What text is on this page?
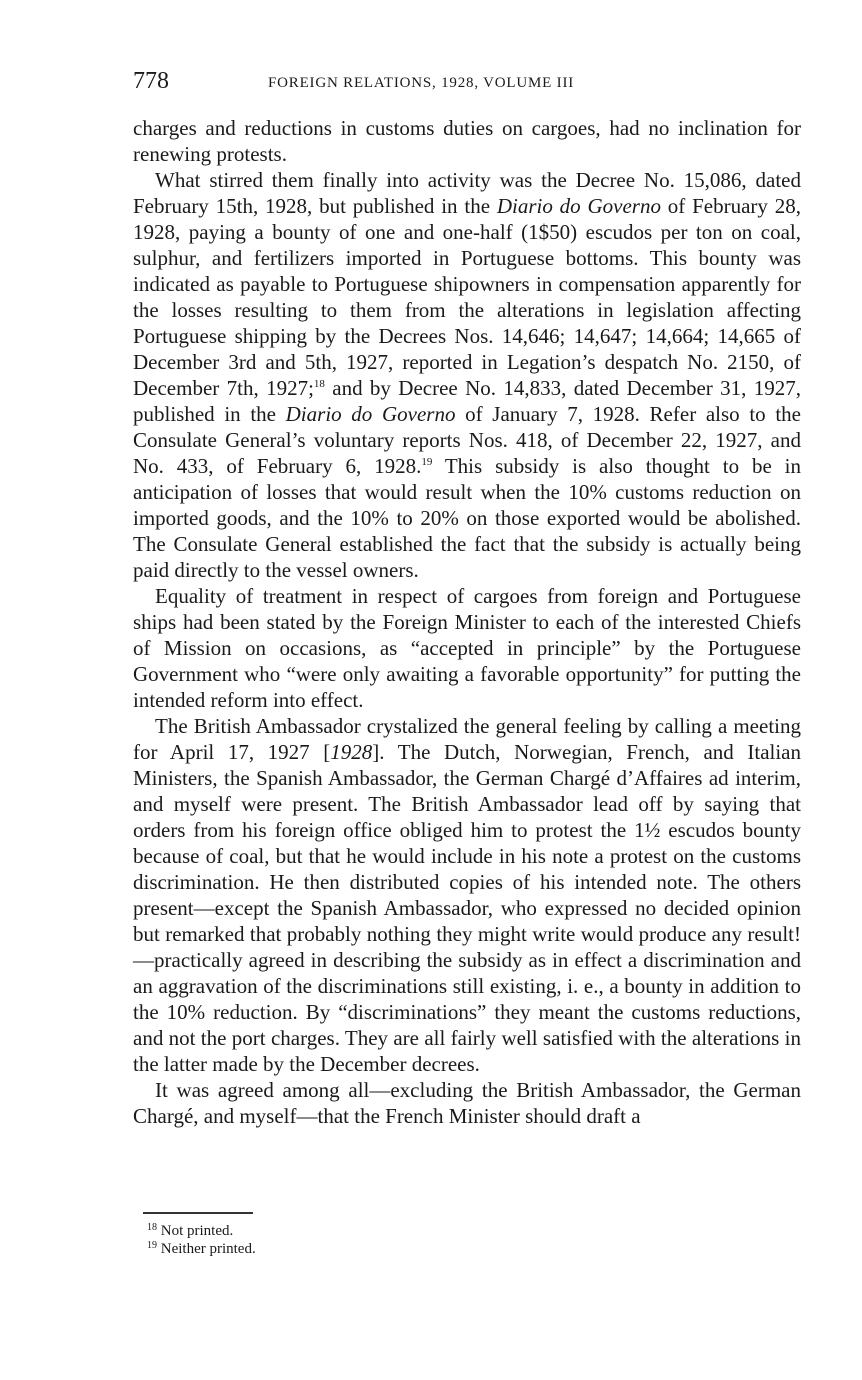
778	FOREIGN RELATIONS, 1928, VOLUME III

charges and reductions in customs duties on cargoes, had no inclination for renewing protests.

What stirred them finally into activity was the Decree No. 15,086, dated February 15th, 1928, but published in the Diario do Governo of February 28, 1928, paying a bounty of one and one-half (1$50) escudos per ton on coal, sulphur, and fertilizers imported in Portuguese bottoms. This bounty was indicated as payable to Portuguese shipowners in compensation apparently for the losses resulting to them from the alterations in legislation affecting Portuguese shipping by the Decrees Nos. 14,646; 14,647; 14,664; 14,665 of December 3rd and 5th, 1927, reported in Legation’s despatch No. 2150, of December 7th, 1927;$^{18}$ and by Decree No. 14,833, dated December 31, 1927, published in the Diario do Governo of January 7, 1928. Refer also to the Consulate General’s voluntary reports Nos. 418, of December 22, 1927, and No. 433, of February 6, 1928.19 This subsidy is also thought to be in anticipation of losses that would result when the 10% customs reduction on imported goods, and the 10% to 20% on those exported would be abolished. The Consulate General established the fact that the subsidy is actually being paid directly to the vessel owners.

Equality of treatment in respect of cargoes from foreign and Portuguese ships had been stated by the Foreign Minister to each of the interested Chiefs of Mission on occasions, as “accepted in principle” by the Portuguese Government who “were only awaiting a favorable opportunity” for putting the intended reform into effect.

The British Ambassador crystalized the general feeling by calling a meeting for April 17, 1927 [1928]. The Dutch, Norwegian, French, and Italian Ministers, the Spanish Ambassador, the German Chargé d’Affaires ad interim, and myself were present. The British Ambassador lead off by saying that orders from his foreign office obliged him to protest the 1½ escudos bounty because of coal, but that he would include in his note a protest on the customs discrimination. He then distributed copies of his intended note. The others present—except the Spanish Ambassador, who expressed no decided opinion but remarked that probably nothing they might write would produce any result!—practically agreed in describing the subsidy as in effect a discrimination and an aggravation of the discriminations still existing, i. e., a bounty in addition to the 10% reduction. By “discriminations” they meant the customs reductions, and not the port charges. They are all fairly well satisfied with the alterations in the latter made by the December decrees.

It was agreed among all—excluding the British Ambassador, the German Chargé, and myself—that the French Minister should draft a

$^{18}$ Not printed.
$^{19}$ Neither printed.
